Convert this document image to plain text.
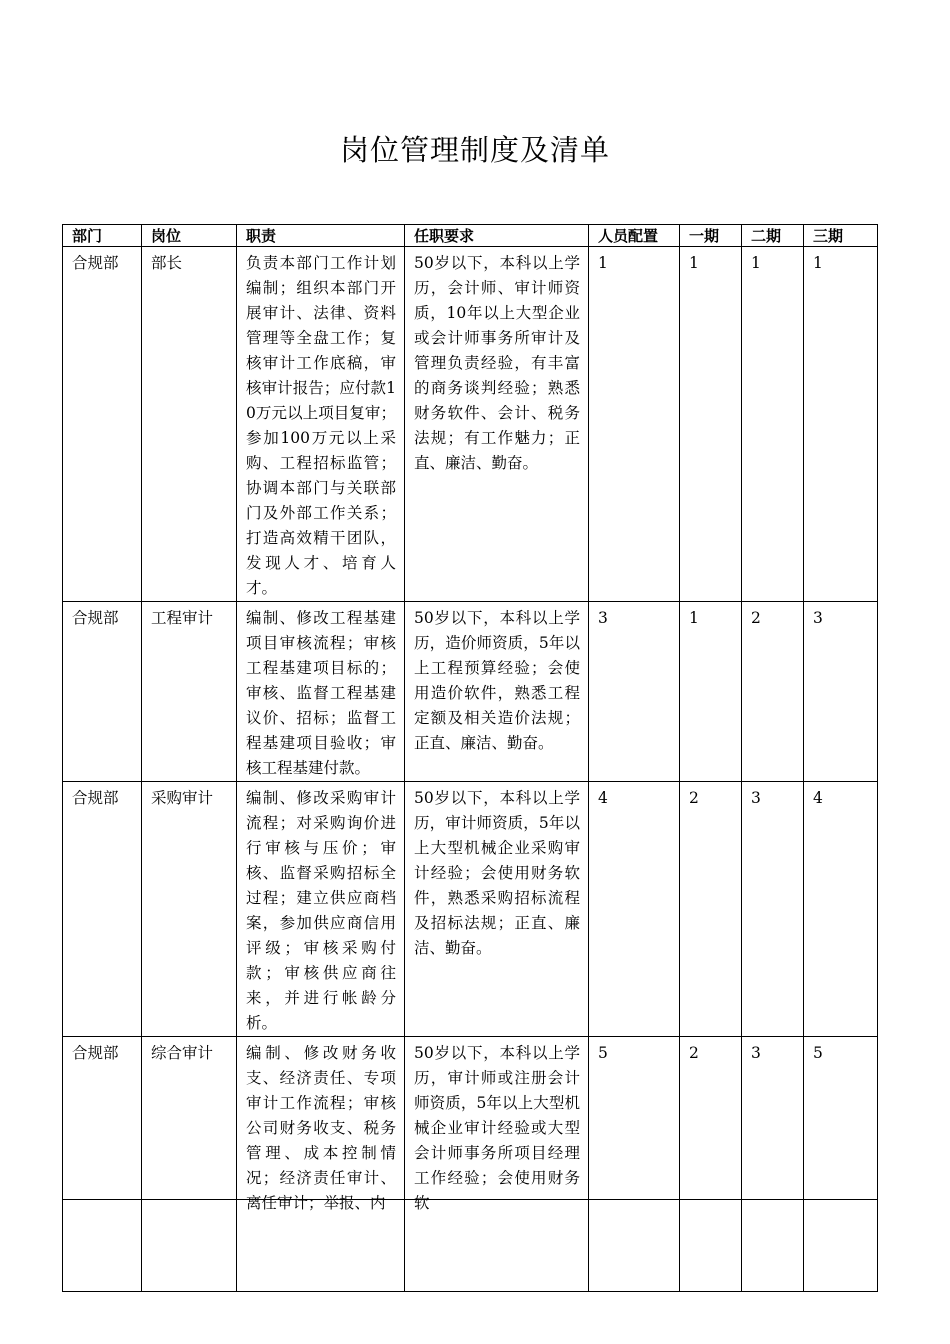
岗位管理制度及清单
部门	岗位	职责	任职要求	人员配置	一期	二期	三期
合规部	部长	负责本部门工作计划编制；组织本部门开展审计、法律、资料管理等全盘工作；复核审计工作底稿，审核审计报告；应付款10万元以上项目复审；参加100万元以上采购、工程招标监管；协调本部门与关联部门及外部工作关系；打造高效精干团队，发现人才、培育人才。	50岁以下，本科以上学历，会计师、审计师资质，10年以上大型企业或会计师事务所审计及管理负责经验，有丰富的商务谈判经验；熟悉财务软件、会计、税务法规；有工作魅力；正直、廉洁、勤奋。	1	1	1	1
合规部	工程审计	编制、修改工程基建项目审核流程；审核工程基建项目标的；审核、监督工程基建议价、招标；监督工程基建项目验收；审核工程基建付款。	50岁以下，本科以上学历，造价师资质，5年以上工程预算经验；会使用造价软件，熟悉工程定额及相关造价法规；正直、廉洁、勤奋。	3	1	2	3
合规部	采购审计	编制、修改采购审计流程；对采购询价进行审核与压价；审核、监督采购招标全过程；建立供应商档案，参加供应商信用评级；审核采购付款；审核供应商往来，并进行帐龄分析。	50岁以下，本科以上学历，审计师资质，5年以上大型机械企业采购审计经验；会使用财务软件，熟悉采购招标流程及招标法规；正直、廉洁、勤奋。	4	2	3	4
合规部	综合审计	编制、修改财务收支、经济责任、专项审计工作流程；审核公司财务收支、税务管理、成本控制情况；经济责任审计、离任审计；举报、内	50岁以下，本科以上学历，审计师或注册会计师资质，5年以上大型机械企业审计经验或大型会计师事务所项目经理工作经验；会使用财务软	5	2	3	5
